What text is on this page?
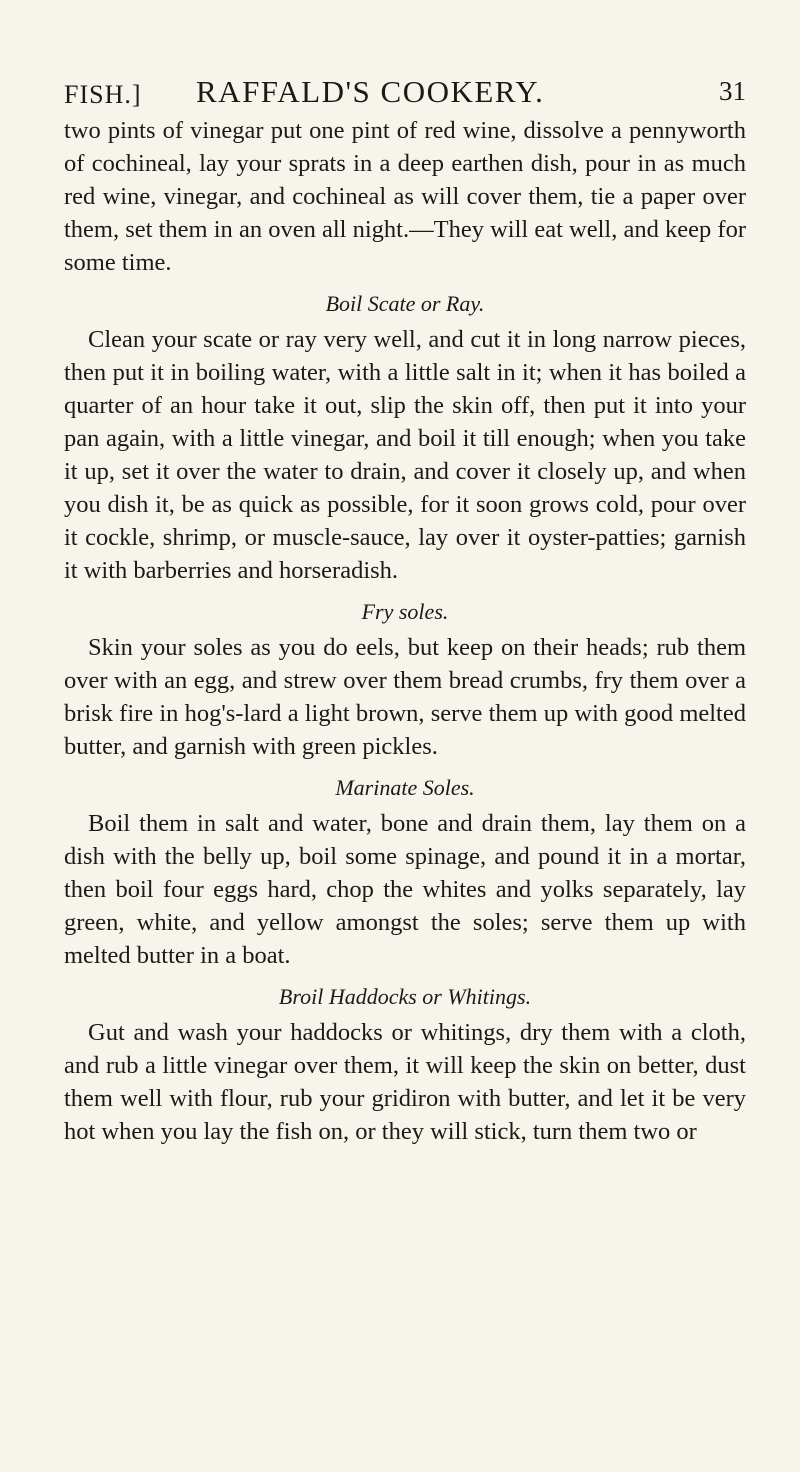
FISH.] RAFFALD'S COOKERY.	31

two pints of vinegar put one pint of red wine, dissolve a pennyworth of cochineal, lay your sprats in a deep earthen dish, pour in as much red wine, vinegar, and cochineal as will cover them, tie a paper over them, set them in an oven all night.—They will eat well, and keep for some time.

Boil Scate or Ray.

Clean your scate or ray very well, and cut it in long narrow pieces, then put it in boiling water, with a little salt in it; when it has boiled a quarter of an hour take it out, slip the skin off, then put it into your pan again, with a little vinegar, and boil it till enough; when you take it up, set it over the water to drain, and cover it closely up, and when you dish it, be as quick as possible, for it soon grows cold, pour over it cockle, shrimp, or muscle-sauce, lay over it oyster-patties; garnish it with barberries and horseradish.

Fry soles.

Skin your soles as you do eels, but keep on their heads; rub them over with an egg, and strew over them bread crumbs, fry them over a brisk fire in hog's-lard a light brown, serve them up with good melted butter, and garnish with green pickles.

Marinate Soles.

Boil them in salt and water, bone and drain them, lay them on a dish with the belly up, boil some spinage, and pound it in a mortar, then boil four eggs hard, chop the whites and yolks separately, lay green, white, and yellow amongst the soles; serve them up with melted butter in a boat.

Broil Haddocks or Whitings.

Gut and wash your haddocks or whitings, dry them with a cloth, and rub a little vinegar over them, it will keep the skin on better, dust them well with flour, rub your gridiron with butter, and let it be very hot when you lay the fish on, or they will stick, turn them two or
